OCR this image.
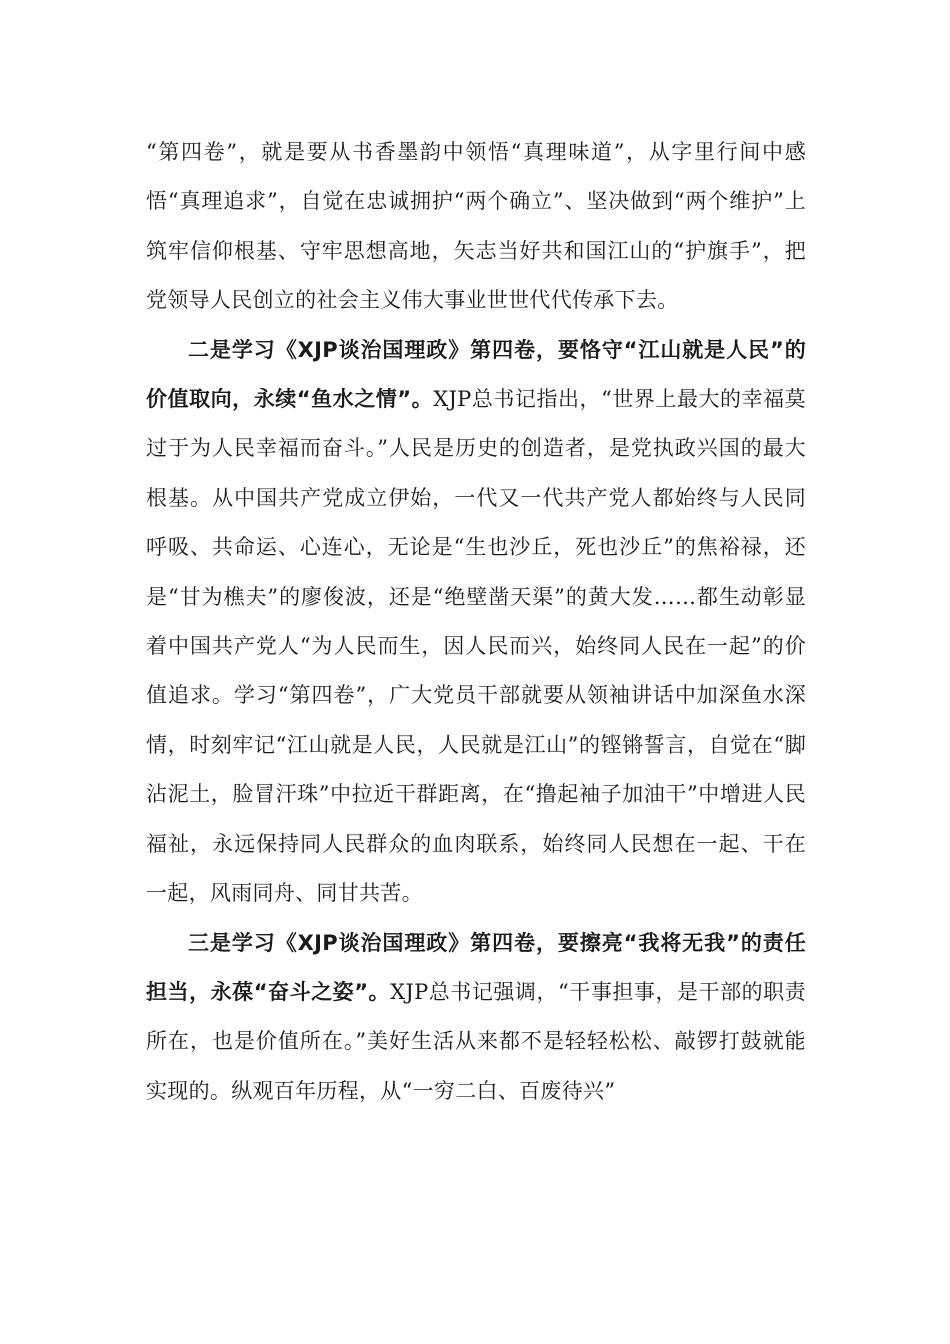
“第四卷”，就是要从书香墨韵中领悟“真理味道”，从字里行间中感悟“真理追求”，自觉在忠诚拥护“两个确立”、坚决做到“两个维护”上筑牢信仰根基、守牢思想高地，矢志当好共和国江山的“护旗手”，把党领导人民创立的社会主义伟大事业世世代代传承下去。

二是学习《XJP谈治国理政》第四卷，要恪守“江山就是人民”的价值取向，永续“鱼水之情”。XJP总书记指出，“世界上最大的幸福莫过于为人民幸福而奋斗。”人民是历史的创造者，是党执政兴国的最大根基。从中国共产党成立伊始，一代又一代共产党人都始终与人民同呼吸、共命运、心连心，无论是“生也沙丘，死也沙丘”的焦裕禄，还是“甘为樵夫”的廖俊波，还是“绝壁凿天渠”的黄大发……都生动彰显着中国共产党人“为人民而生，因人民而兴，始终同人民在一起”的价值追求。学习“第四卷”，广大党员干部就要从领袖讲话中加深鱼水深情，时刻牢记“江山就是人民，人民就是江山”的铿锵誓言，自觉在“脚沾泥土，脸冒汗珠”中拉近干群距离，在“撸起袖子加油干”中增进人民福祉，永远保持同人民群众的血肉联系，始终同人民想在一起、干在一起，风雨同舟、同甘共苦。

三是学习《XJP谈治国理政》第四卷，要擦亮“我将无我”的责任担当，永葆“奋斗之姿”。XJP总书记强调，“干事担事，是干部的职责所在，也是价值所在。”美好生活从来都不是轻轻松松、敲锣打鼓就能实现的。纵观百年历程，从“一穷二白、百废待兴”
